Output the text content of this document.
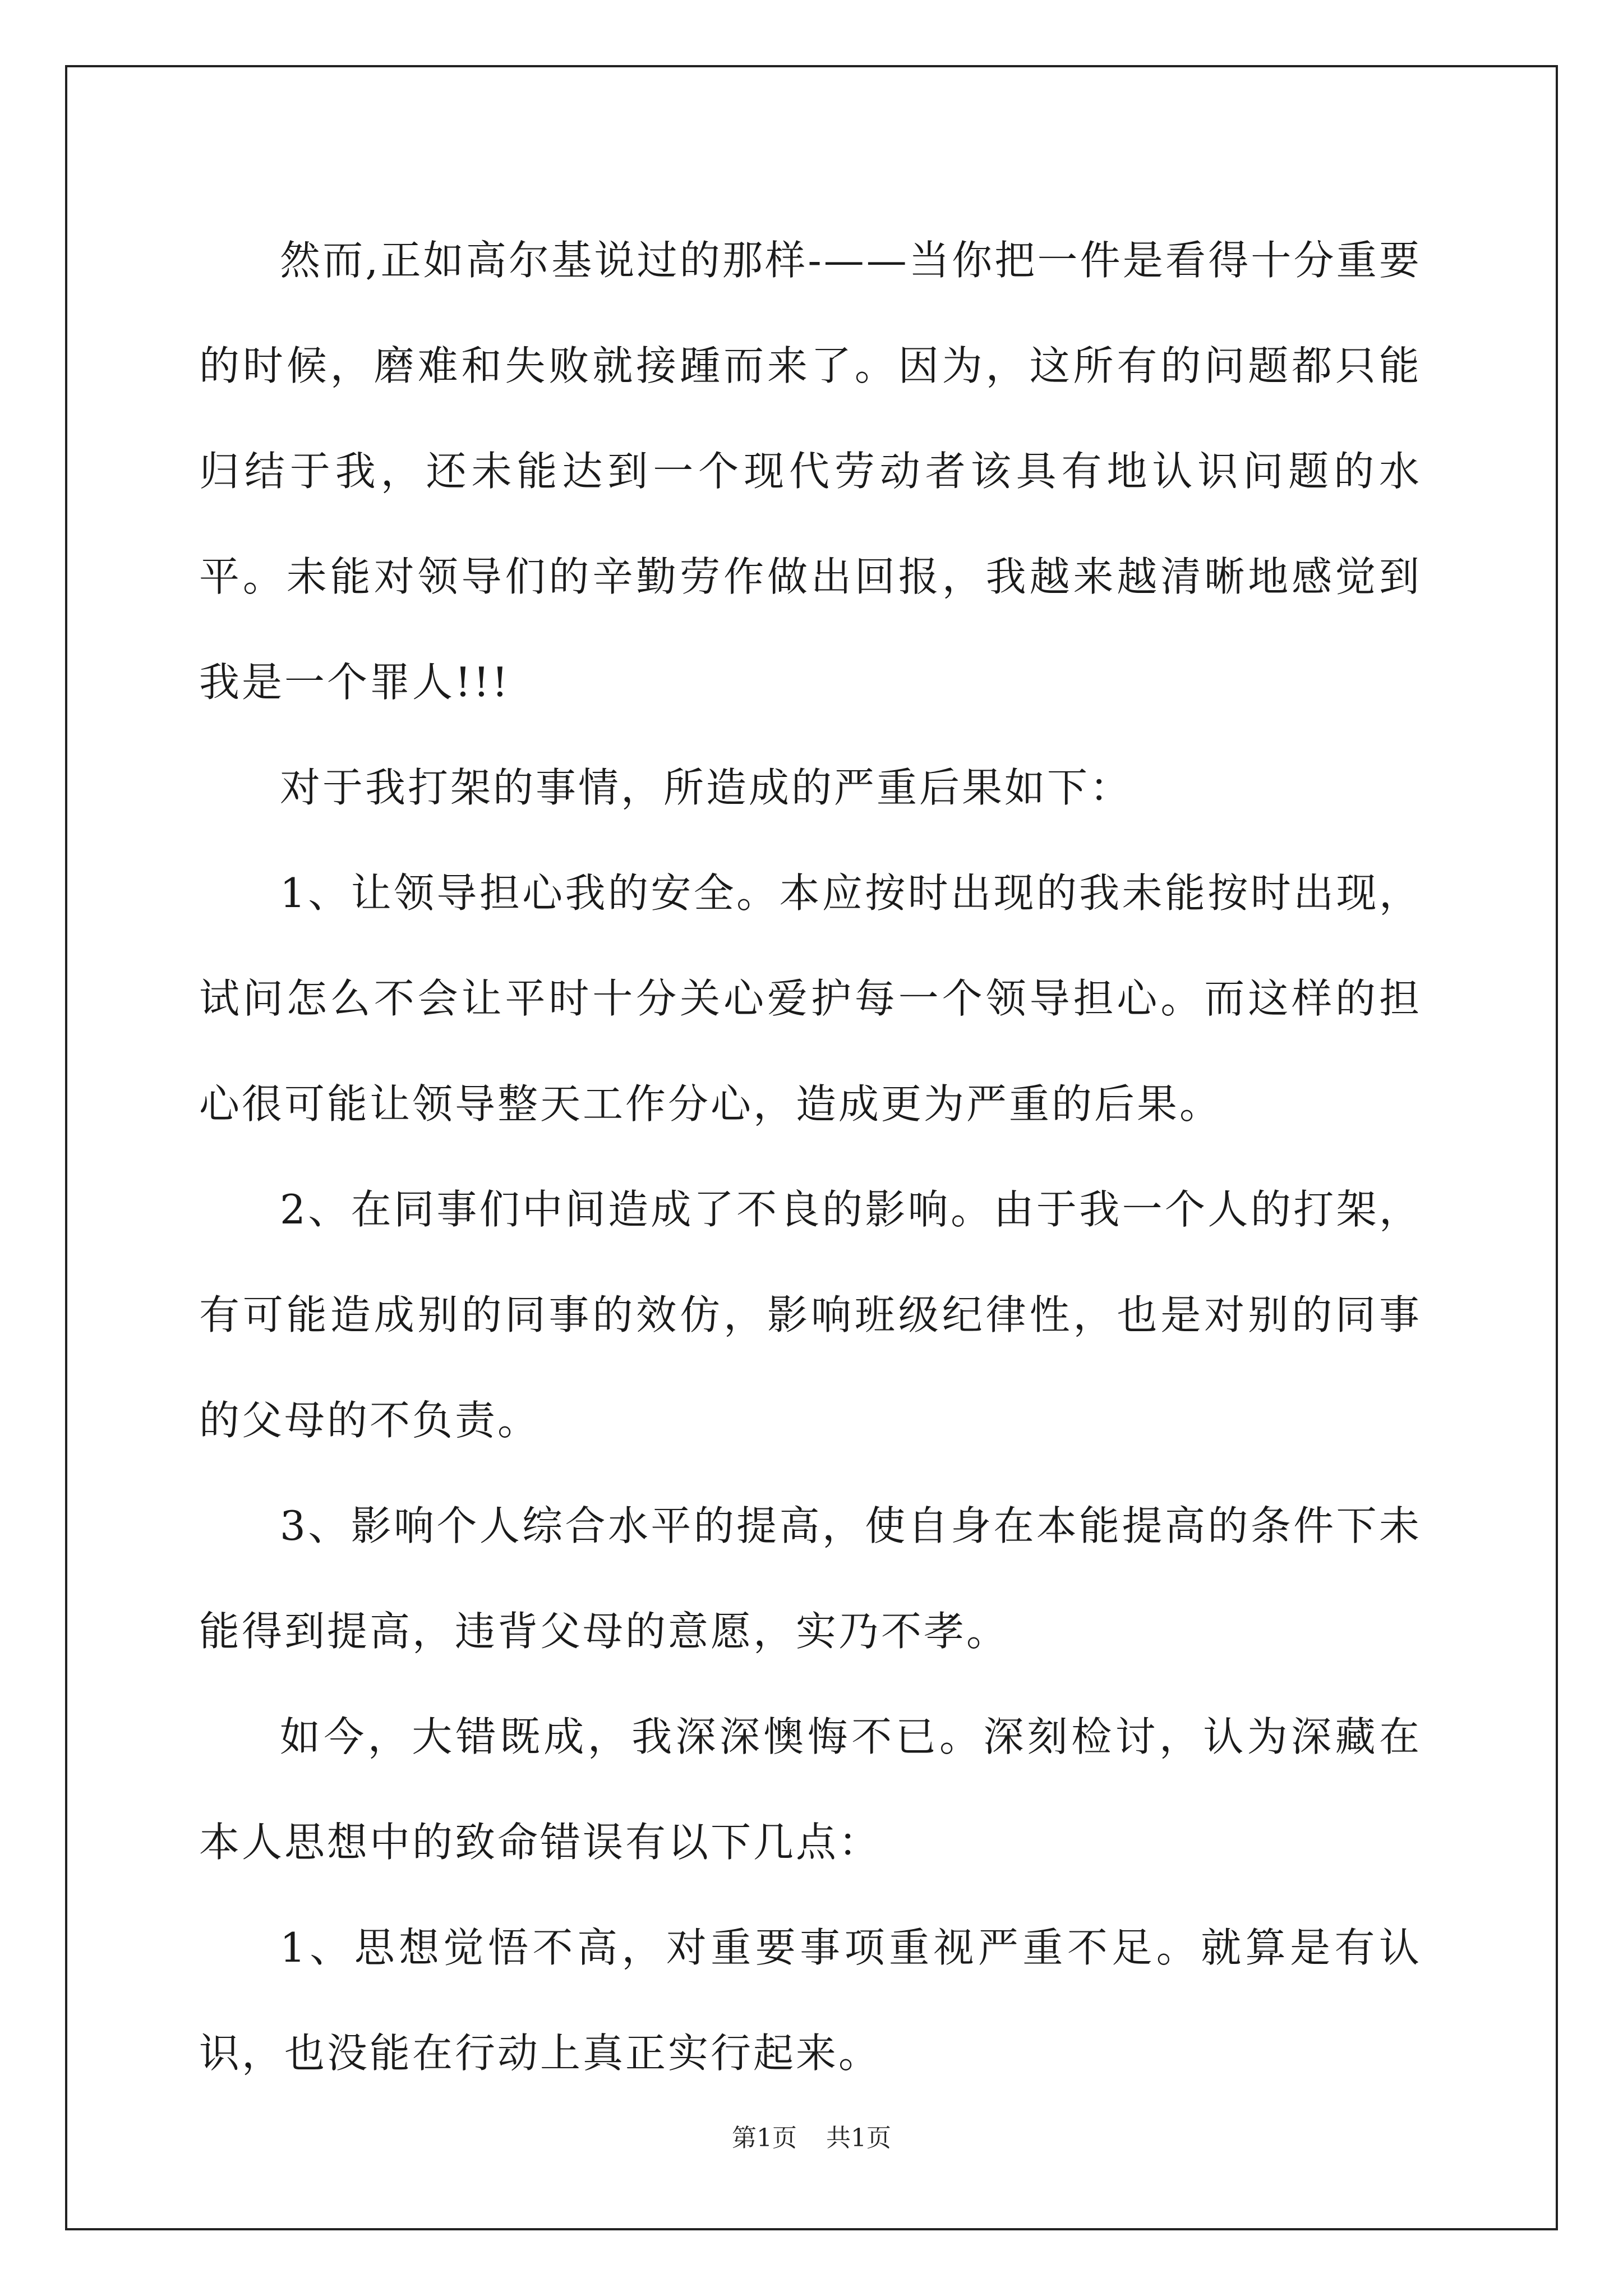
然而,正如高尔基说过的那样-——当你把一件是看得十分重要的时候，磨难和失败就接踵而来了。因为，这所有的问题都只能归结于我，还未能达到一个现代劳动者该具有地认识问题的水平。未能对领导们的辛勤劳作做出回报，我越来越清晰地感觉到我是一个罪人!!!

对于我打架的事情，所造成的严重后果如下：

1、让领导担心我的安全。本应按时出现的我未能按时出现，试问怎么不会让平时十分关心爱护每一个领导担心。而这样的担心很可能让领导整天工作分心，造成更为严重的后果。

2、在同事们中间造成了不良的影响。由于我一个人的打架，有可能造成别的同事的效仿，影响班级纪律性，也是对别的同事的父母的不负责。

3、影响个人综合水平的提高，使自身在本能提高的条件下未能得到提高，违背父母的意愿，实乃不孝。

如今，大错既成，我深深懊悔不已。深刻检讨，认为深藏在本人思想中的致命错误有以下几点：

1、思想觉悟不高，对重要事项重视严重不足。就算是有认识，也没能在行动上真正实行起来。

第1页 共1页
